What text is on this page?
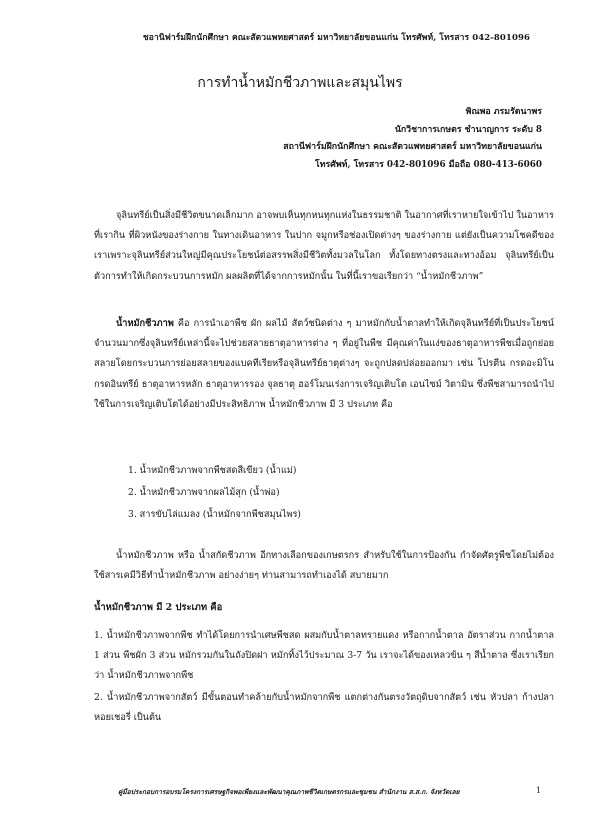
ชอานิฟาร์มฝึกนักศึกษา คณะสัตวแพทยศาสตร์ มหาวิทยาลัยขอนแก่น โทรศัพท์, โทรสาร 042-801096
การทำน้ำหมักชีวภาพและสมุนไพร
พิณพอ ภรมรัตนาพร
นักวิชาการเกษตร ชำนาญการ ระดับ 8
สถานีฟาร์มฝึกนักศึกษา คณะสัตวแพทยศาสตร์ มหาวิทยาลัยขอนแก่น
โทรศัพท์, โทรสาร 042-801096 มือถือ 080-413-6060

จุลินทรีย์เป็นสิ่งมีชีวิตขนาดเล็กมาก อาจพบเห็นทุกหนทุกแห่งในธรรมชาติ ในอากาศที่เราหายใจเข้าไป ในอาหารที่เรากิน ที่ผิวหนังของร่างกาย ในทางเดินอาหาร ในปาก จมูกหรือช่องเปิดต่างๆ ของร่างกาย แต่ยังเป็นความโชคดีของเราเพราะจุลินทรีย์ส่วนใหญ่มีคุณประโยชน์ต่อสรรพสิ่งมีชีวิตทั้งมวลในโลก ทั้งโดยทางตรงและทางอ้อม จุลินทรีย์เป็นตัวการทำให้เกิดกระบวนการหมัก ผลผลิตที่ได้จากการหมักนั้น ในที่นี้เราขอเรียกว่า “น้ำหมักชีวภาพ”

น้ำหมักชีวภาพ คือ การนำเอาพืช ผัก ผลไม้ สัตว์ชนิดต่าง ๆ มาหมักกับน้ำตาลทำให้เกิดจุลินทรีย์ที่เป็นประโยชน์จำนวนมากซึ่งจุลินทรีย์เหล่านี้จะไปช่วยสลายธาตุอาหารต่าง ๆ ที่อยู่ในพืช มีคุณค่าในแง่ของธาตุอาหารพืชเมื่อถูกย่อยสลายโดยกระบวนการย่อยสลายของแบคทีเรียหรือจุลินทรีย์ธาตุต่างๆ จะถูกปลดปล่อยออกมา เช่น โปรตีน กรดอะมิโน กรดอินทรีย์ ธาตุอาหารหลัก ธาตุอาหารรอง จุลธาตุ ฮอร์โมนเร่งการเจริญเติบโต เอนไซม์ วิตามิน ซึ่งพืชสามารถนำไปใช้ในการเจริญเติบโตได้อย่างมีประสิทธิภาพ น้ำหมักชีวภาพ มี 3 ประเภท คือ

1. น้ำหมักชีวภาพจากพืชสดสีเขียว (น้ำแม่)
2. น้ำหมักชีวภาพจากผลไม้สุก (น้ำพ่อ)
3. สารขับไล่แมลง (น้ำหมักจากพืชสมุนไพร)

น้ำหมักชีวภาพ หรือ น้ำสกัดชีวภาพ อีกทางเลือกของเกษตรกร สำหรับใช้ในการป้องกัน กำจัดศัตรูพืชโดยไม่ต้องใช้สารเคมีวิธีทำน้ำหมักชีวภาพ อย่างง่ายๆ ท่านสามารถทำเองได้ สบายมาก

น้ำหมักชีวภาพ มี 2 ประเภท คือ

1. น้ำหมักชีวภาพจากพืช ทำได้โดยการนำเศษพืชสด ผสมกับน้ำตาลทรายแดง หรือกากน้ำตาล อัตราส่วน กากน้ำตาล 1 ส่วน พืชผัก 3 ส่วน หมักรวมกันในถังปิดฝา หมักทิ้งไว้ประมาณ 3-7 วัน เราจะได้ของเหลวข้น ๆ สีน้ำตาล ซึ่งเราเรียกว่า น้ำหมักชีวภาพจากพืช

2. น้ำหมักชีวภาพจากสัตว์ มีขั้นตอนทำคล้ายกับน้ำหมักจากพืช แตกต่างกันตรงวัตถุดิบจากสัตว์ เช่น หัวปลา ก้างปลา หอยเชอรี่ เป็นต้น

คู่มือประกอบการอบรมโครงการเศรษฐกิจพอเพียงและพัฒนาคุณภาพชีวิตเกษตรกรและชุมชน สำนักงาน ส.ส.ก. จังหวัดเลย	1
